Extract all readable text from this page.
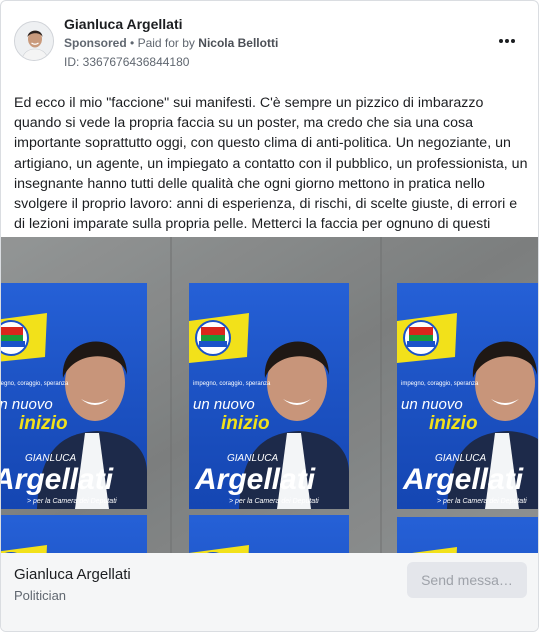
Gianluca Argellati
Sponsored • Paid for by Nicola Bellotti
ID: 3367676436844180
Ed ecco il mio "faccione" sui manifesti. C'è sempre un pizzico di imbarazzo quando si vede la propria faccia su un poster, ma credo che sia una cosa importante soprattutto oggi, con questo clima di anti-politica. Un negoziante, un artigiano, un agente, un impiegato a contatto con il pubblico, un professionista, un insegnante hanno tutti delle qualità che ogni giorno mettono in pratica nello svolgere il proprio lavoro: anni di esperienza, di rischi, di scelte giuste, di errori e di lezioni imparate sulla propria pelle. Metterci la faccia per ognuno di questi
Gianluca Argellati
Politician
Send messa…
